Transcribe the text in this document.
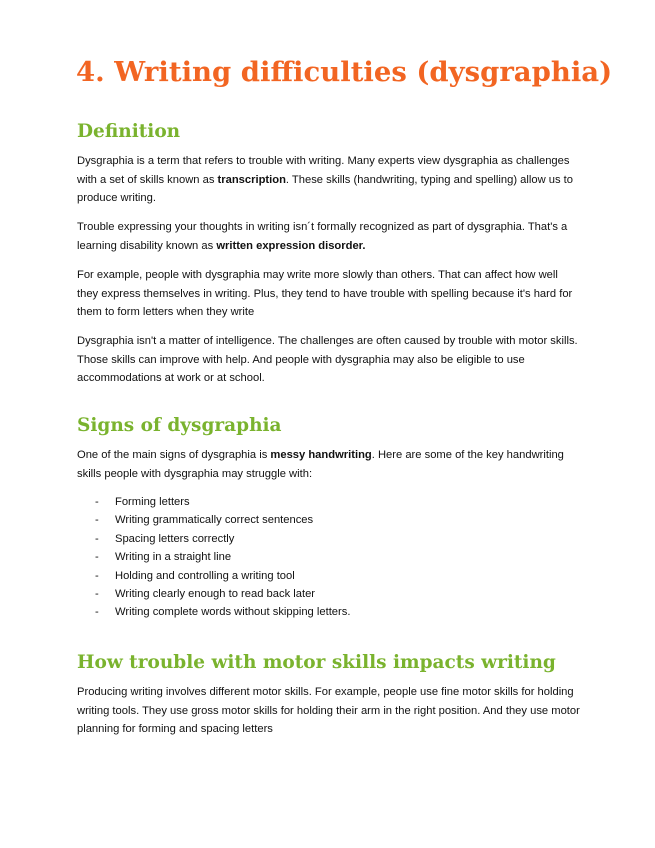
4. Writing difficulties (dysgraphia)
Definition

Dysgraphia is a term that refers to trouble with writing. Many experts view dysgraphia as challenges with a set of skills known as transcription. These skills (handwriting, typing and spelling) allow us to produce writing.

Trouble expressing your thoughts in writing isn´t formally recognized as part of dysgraphia. That's a learning disability known as written expression disorder.

For example, people with dysgraphia may write more slowly than others. That can affect how well they express themselves in writing. Plus, they tend to have trouble with spelling because it's hard for them to form letters when they write

Dysgraphia isn't a matter of intelligence. The challenges are often caused by trouble with motor skills. Those skills can improve with help. And people with dysgraphia may also be eligible to use accommodations at work or at school.

Signs of dysgraphia

One of the main signs of dysgraphia is messy handwriting. Here are some of the key handwriting skills people with dysgraphia may struggle with:

- Forming letters
- Writing grammatically correct sentences
- Spacing letters correctly
- Writing in a straight line
- Holding and controlling a writing tool
- Writing clearly enough to read back later
- Writing complete words without skipping letters.
How trouble with motor skills impacts writing

Producing writing involves different motor skills. For example, people use fine motor skills for holding writing tools. They use gross motor skills for holding their arm in the right position. And they use motor planning for forming and spacing letters
